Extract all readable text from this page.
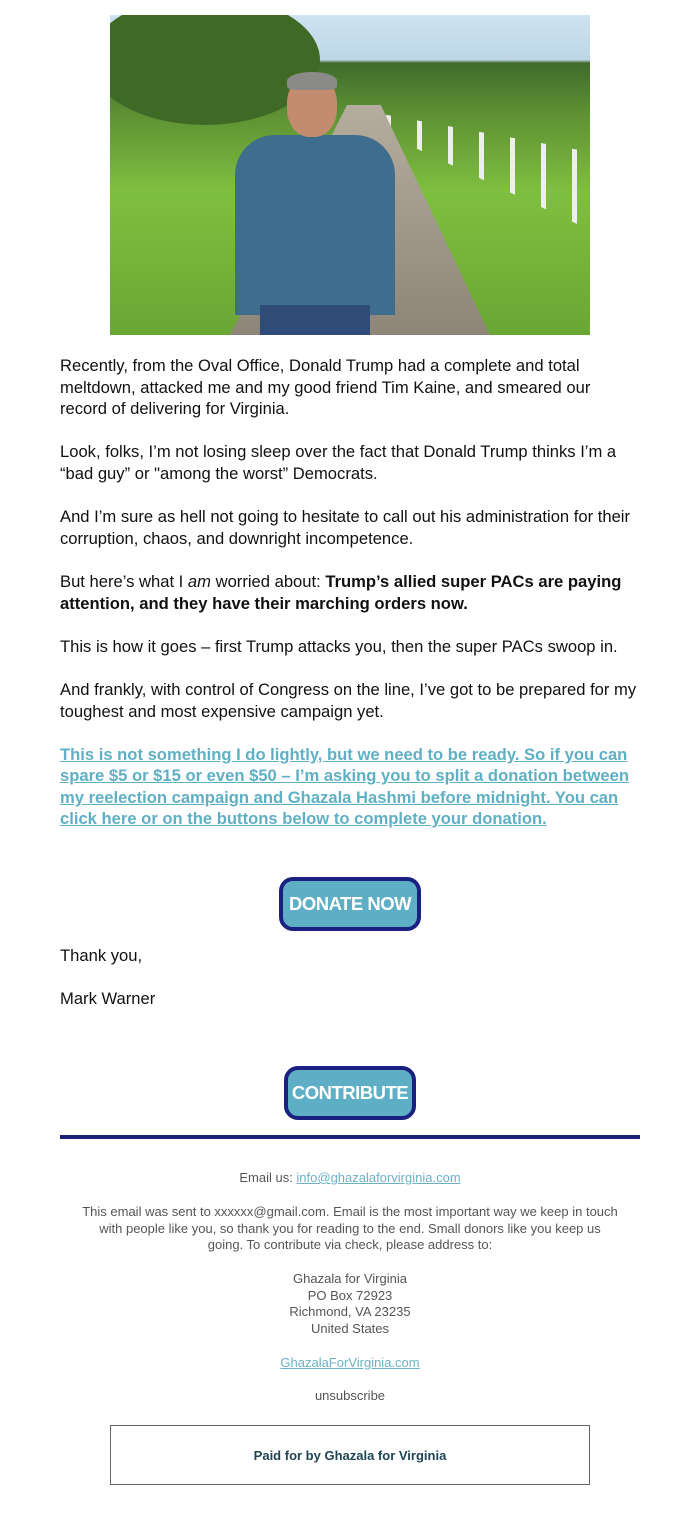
Recently, from the Oval Office, Donald Trump had a complete and total meltdown, attacked me and my good friend Tim Kaine, and smeared our record of delivering for Virginia.

Look, folks, I’m not losing sleep over the fact that Donald Trump thinks I’m a “bad guy” or "among the worst” Democrats.

And I’m sure as hell not going to hesitate to call out his administration for their corruption, chaos, and downright incompetence.

But here’s what I am worried about: Trump’s allied super PACs are paying attention, and they have their marching orders now.

This is how it goes – first Trump attacks you, then the super PACs swoop in.

And frankly, with control of Congress on the line, I’ve got to be prepared for my toughest and most expensive campaign yet.

This is not something I do lightly, but we need to be ready. So if you can spare $5 or $15 or even $50 – I’m asking you to split a donation between my reelection campaign and Ghazala Hashmi before midnight. You can click here or on the buttons below to complete your donation.

DONATE NOW
Thank you,
Mark Warner
CONTRIBUTE
Email us: info@ghazalaforvirginia.com
This email was sent to xxxxxx@gmail.com. Email is the most important way we keep in touch with people like you, so thank you for reading to the end. Small donors like you keep us going. To contribute via check, please address to:
Ghazala for Virginia
PO Box 72923
Richmond, VA 23235
United States
GhazalaForVirginia.com
unsubscribe
Paid for by Ghazala for Virginia
